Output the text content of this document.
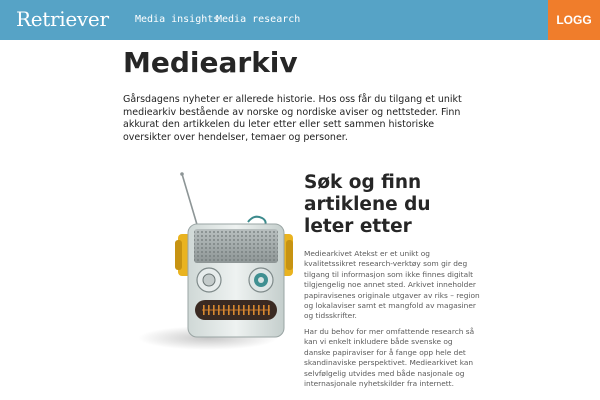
Retriever	Media insights
Media research	LOGG INN
Mediearkiv

Gårsdagens nyheter er allerede historie. Hos oss får du tilgang et unikt mediearkiv bestående av norske og nordiske aviser og nettsteder. Finn akkurat den artikkelen du leter etter eller sett sammen historiske oversikter over hendelser, temaer og personer.

Søk og finn artiklene du leter etter

Mediearkivet Atekst er et unikt og kvalitetssikret research-verktøy som gir deg tilgang til informasjon som ikke finnes digitalt tilgjengelig noe annet sted. Arkivet inneholder papiravisenes originale utgaver av riks – region og lokalaviser samt et mangfold av magasiner og tidsskrifter.

Har du behov for mer omfattende research så kan vi enkelt inkludere både svenske og danske papiraviser for å fange opp hele det skandinaviske perspektivet. Mediearkivet kan selvfølgelig utvides med både nasjonale og internasjonale nyhetskilder fra internett.
